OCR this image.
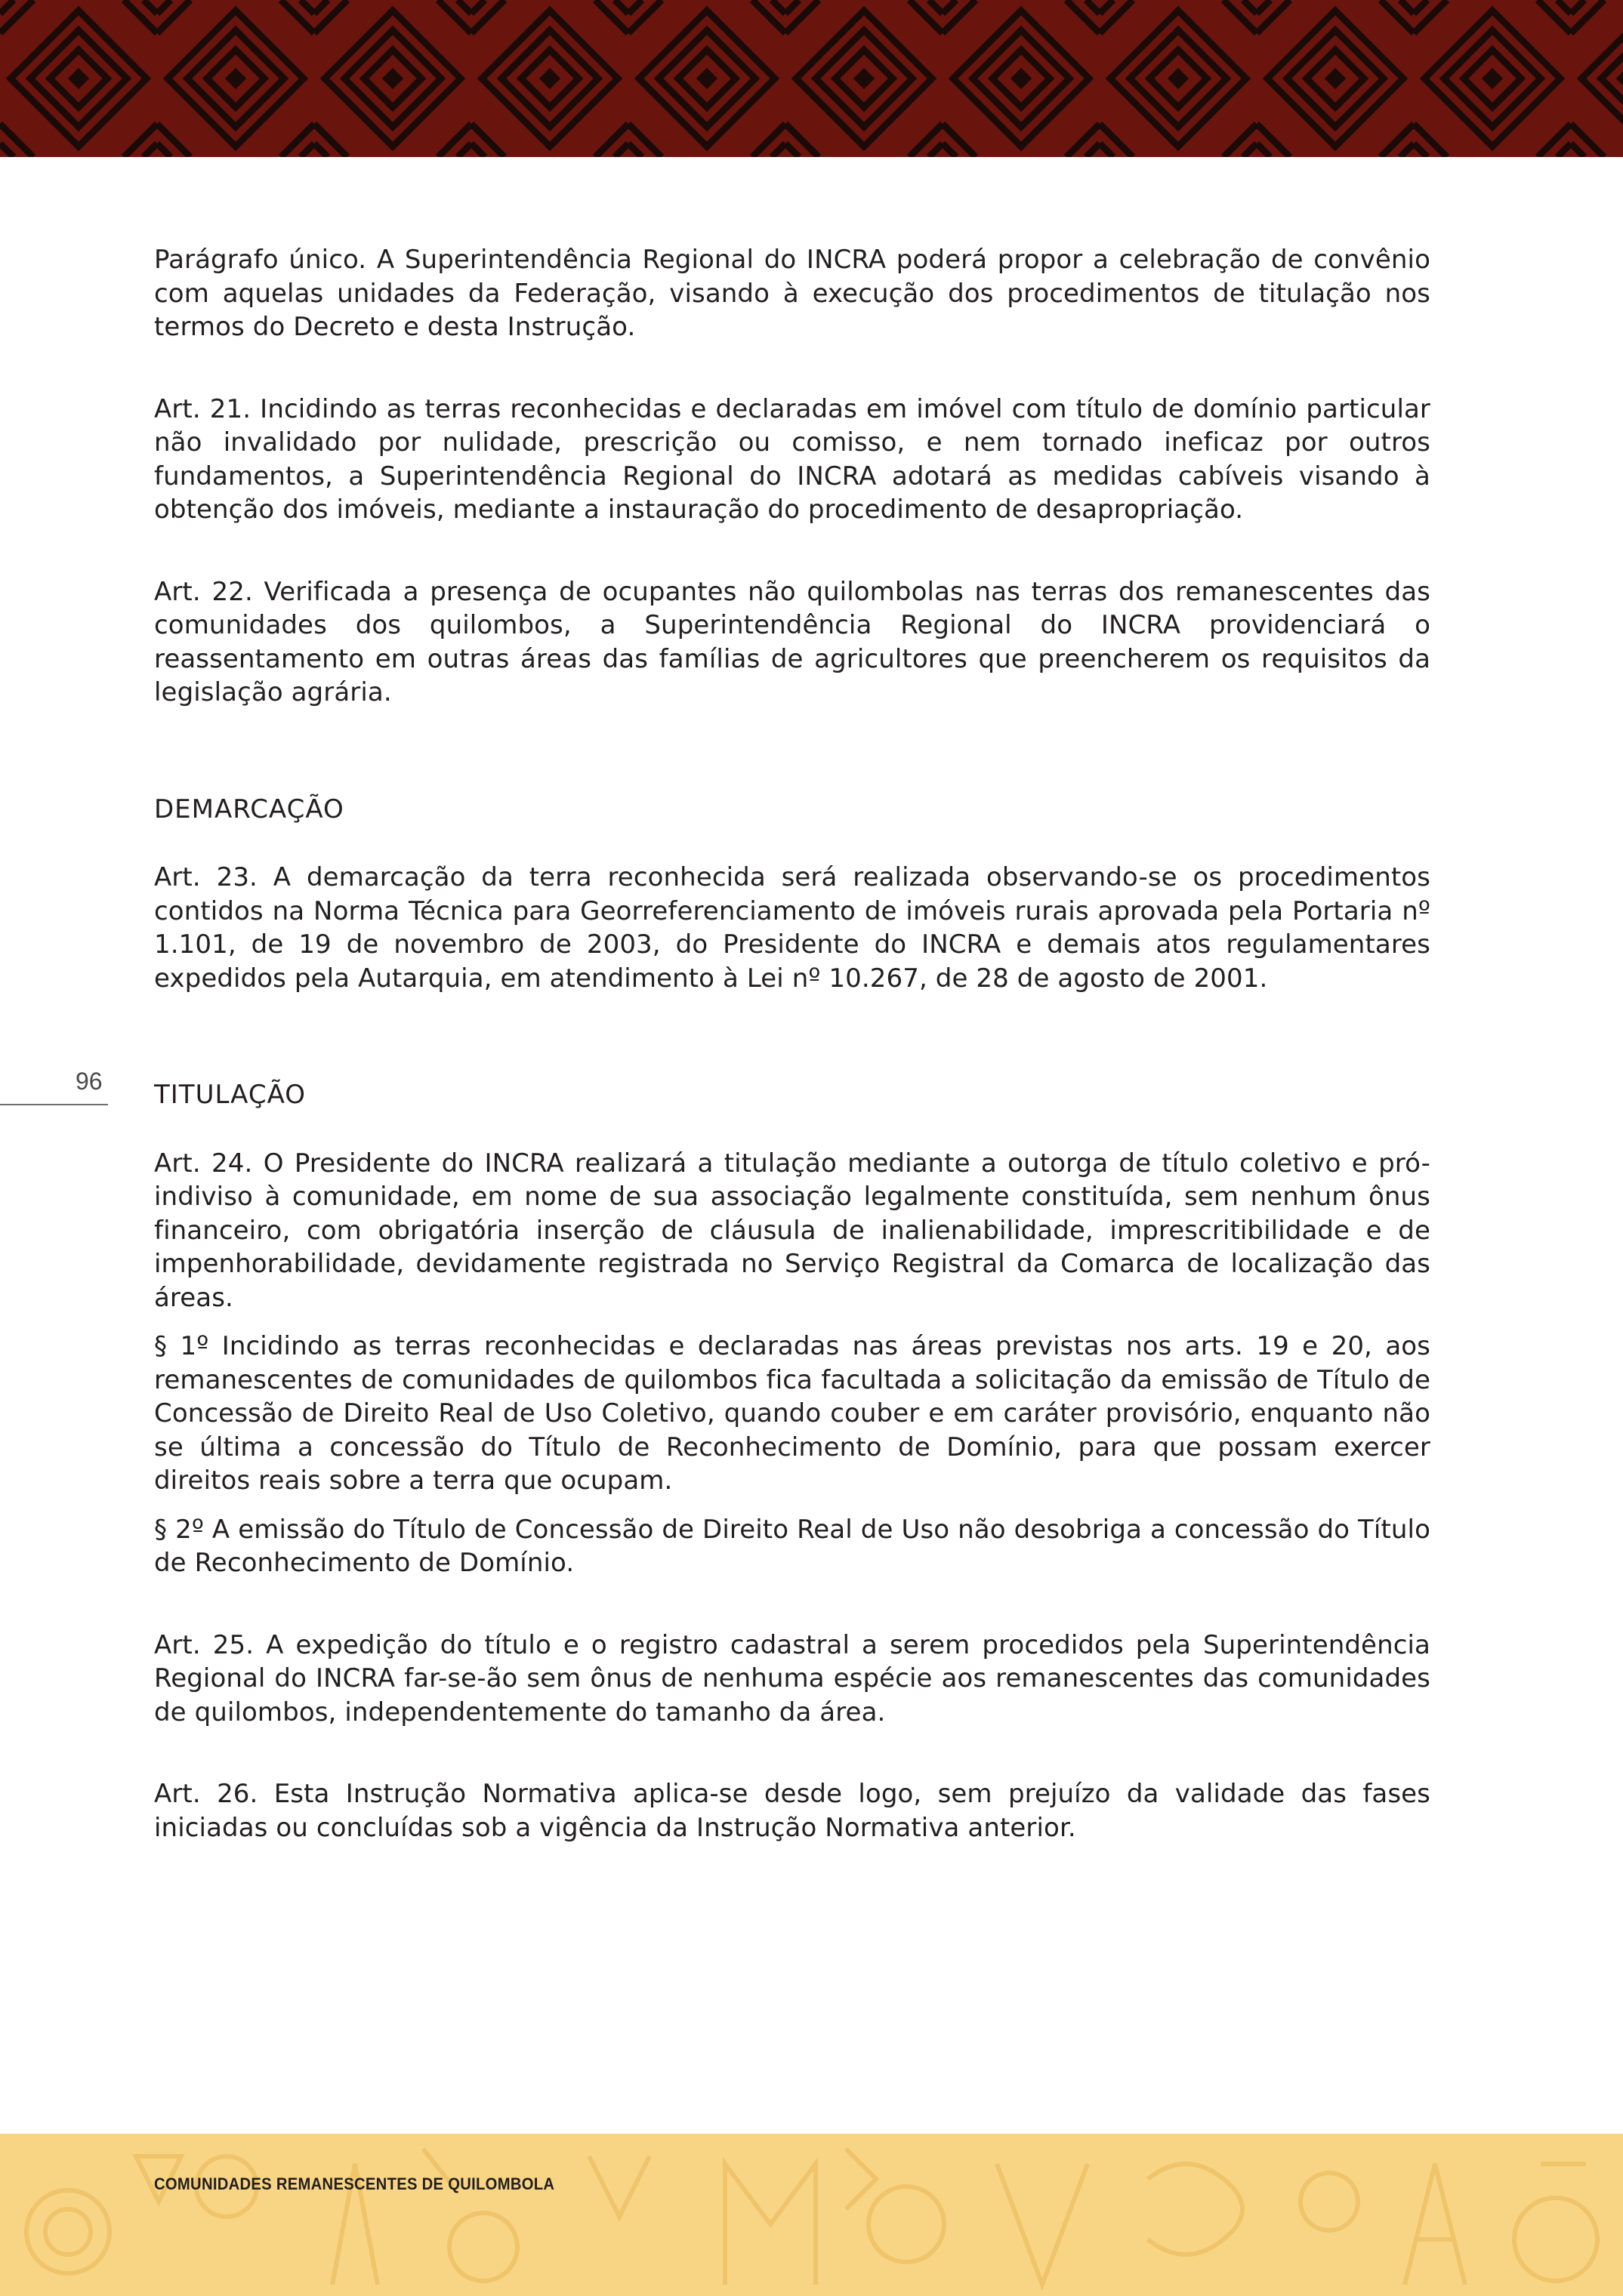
Parágrafo único. A Superintendência Regional do INCRA poderá propor a celebração de convênio com aquelas unidades da Federação, visando à execução dos procedimentos de titulação nos termos do Decreto e desta Instrução.

Art. 21. Incidindo as terras reconhecidas e declaradas em imóvel com título de domínio particular não invalidado por nulidade, prescrição ou comisso, e nem tornado ineficaz por outros fundamentos, a Superintendência Regional do INCRA adotará as medidas cabíveis visando à obtenção dos imóveis, mediante a instauração do procedimento de desapropriação.

Art. 22. Verificada a presença de ocupantes não quilombolas nas terras dos remanescentes das comunidades dos quilombos, a Superintendência Regional do INCRA providenciará o reassentamento em outras áreas das famílias de agricultores que preencherem os requisitos da legislação agrária.

DEMARCAÇÃO

Art. 23. A demarcação da terra reconhecida será realizada observando-se os procedimentos contidos na Norma Técnica para Georreferenciamento de imóveis rurais aprovada pela Portaria nº 1.101, de 19 de novembro de 2003, do Presidente do INCRA e demais atos regulamentares expedidos pela Autarquia, em atendimento à Lei nº 10.267, de 28 de agosto de 2001.

TITULAÇÃO

Art. 24. O Presidente do INCRA realizará a titulação mediante a outorga de título coletivo e pró-indiviso à comunidade, em nome de sua associação legalmente constituída, sem nenhum ônus financeiro, com obrigatória inserção de cláusula de inalienabilidade, imprescritibilidade e de impenhorabilidade, devidamente registrada no Serviço Registral da Comarca de localização das áreas.

§ 1º Incidindo as terras reconhecidas e declaradas nas áreas previstas nos arts. 19 e 20, aos remanescentes de comunidades de quilombos fica facultada a solicitação da emissão de Título de Concessão de Direito Real de Uso Coletivo, quando couber e em caráter provisório, enquanto não se última a concessão do Título de Reconhecimento de Domínio, para que possam exercer direitos reais sobre a terra que ocupam.

§ 2º A emissão do Título de Concessão de Direito Real de Uso não desobriga a concessão do Título de Reconhecimento de Domínio.

Art. 25. A expedição do título e o registro cadastral a serem procedidos pela Superintendência Regional do INCRA far-se-ão sem ônus de nenhuma espécie aos remanescentes das comunidades de quilombos, independentemente do tamanho da área.

Art. 26. Esta Instrução Normativa aplica-se desde logo, sem prejuízo da validade das fases iniciadas ou concluídas sob a vigência da Instrução Normativa anterior.

96
COMUNIDADES REMANESCENTES DE QUILOMBOLA
